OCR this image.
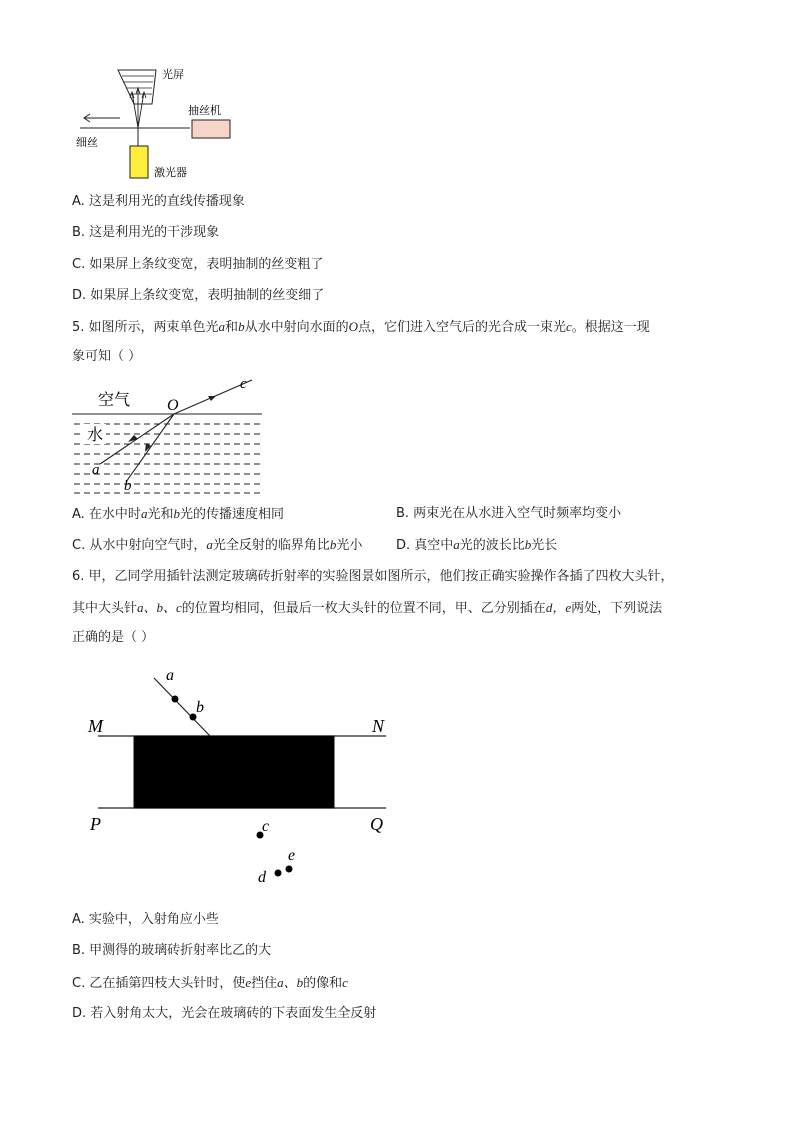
光屏
抽丝机
细丝
激光器
A. 这是利用光的直线传播现象
B. 这是利用光的干涉现象
C. 如果屏上条纹变宽，表明抽制的丝变粗了
D. 如果屏上条纹变宽，表明抽制的丝变细了
5. 如图所示，两束单色光a和b从水中射向水面的O点，它们进入空气后的光合成一束光c。根据这一现
象可知（ ）
空气
水
O
c
a
b
A. 在水中时a光和b光的传播速度相同	B. 两束光在从水进入空气时频率均变小
C. 从水中射向空气时，a光全反射的临界角比b光小	D. 真空中a光的波长比b光长
6. 甲，乙同学用插针法测定玻璃砖折射率的实验图景如图所示，他们按正确实验操作各插了四枚大头针，
其中大头针a、b、c的位置均相同，但最后一枚大头针的位置不同，甲、乙分别插在d，e两处，下列说法
正确的是（ ）
M	N
P	Q
a
b
c
d
e
A. 实验中，入射角应小些
B. 甲测得的玻璃砖折射率比乙的大
C. 乙在插第四枝大头针时，使e挡住a、b的像和c
D. 若入射角太大，光会在玻璃砖的下表面发生全反射
